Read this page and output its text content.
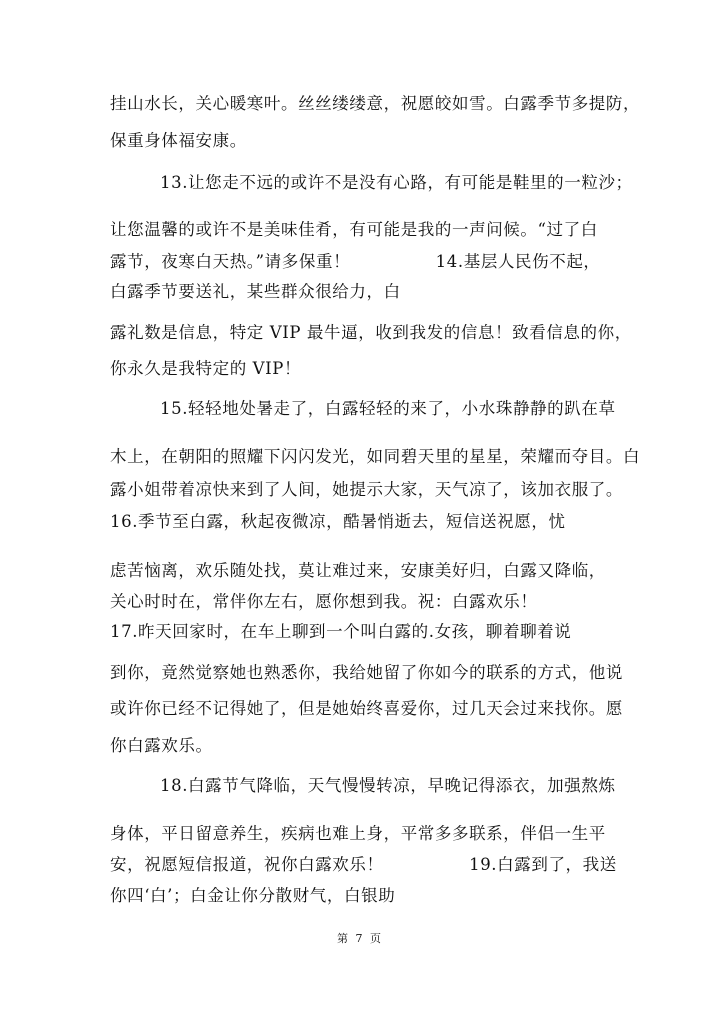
挂山水长，关心暖寒叶。丝丝缕缕意，祝愿皎如雪。白露季节多提防，
保重身体福安康。
13.让您走不远的或许不是没有心路，有可能是鞋里的一粒沙；
让您温馨的或许不是美味佳肴，有可能是我的一声问候。“过了白
露节，夜寒白天热。”请多保重！　　　　　14.基层人民伤不起，
白露季节要送礼，某些群众很给力，白
露礼数是信息，特定 VIP 最牛逼，收到我发的信息！致看信息的你，
你永久是我特定的 VIP！
15.轻轻地处暑走了，白露轻轻的来了，小水珠静静的趴在草
木上，在朝阳的照耀下闪闪发光，如同碧天里的星星，荣耀而夺目。白
露小姐带着凉快来到了人间，她提示大家，天气凉了，该加衣服了。
16.季节至白露，秋起夜微凉，酷暑悄逝去，短信送祝愿，忧
虑苦恼离，欢乐随处找，莫让难过来，安康美好归，白露又降临，
关心时时在，常伴你左右，愿你想到我。祝：白露欢乐！
17.昨天回家时，在车上聊到一个叫白露的.女孩，聊着聊着说
到你，竟然觉察她也熟悉你，我给她留了你如今的联系的方式，他说
或许你已经不记得她了，但是她始终喜爱你，过几天会过来找你。愿
你白露欢乐。
18.白露节气降临，天气慢慢转凉，早晚记得添衣，加强熬炼
身体，平日留意养生，疾病也难上身，平常多多联系，伴侣一生平
安，祝愿短信报道，祝你白露欢乐！　　　　　19.白露到了，我送
你四‘白’；白金让你分散财气，白银助
第 7 页
